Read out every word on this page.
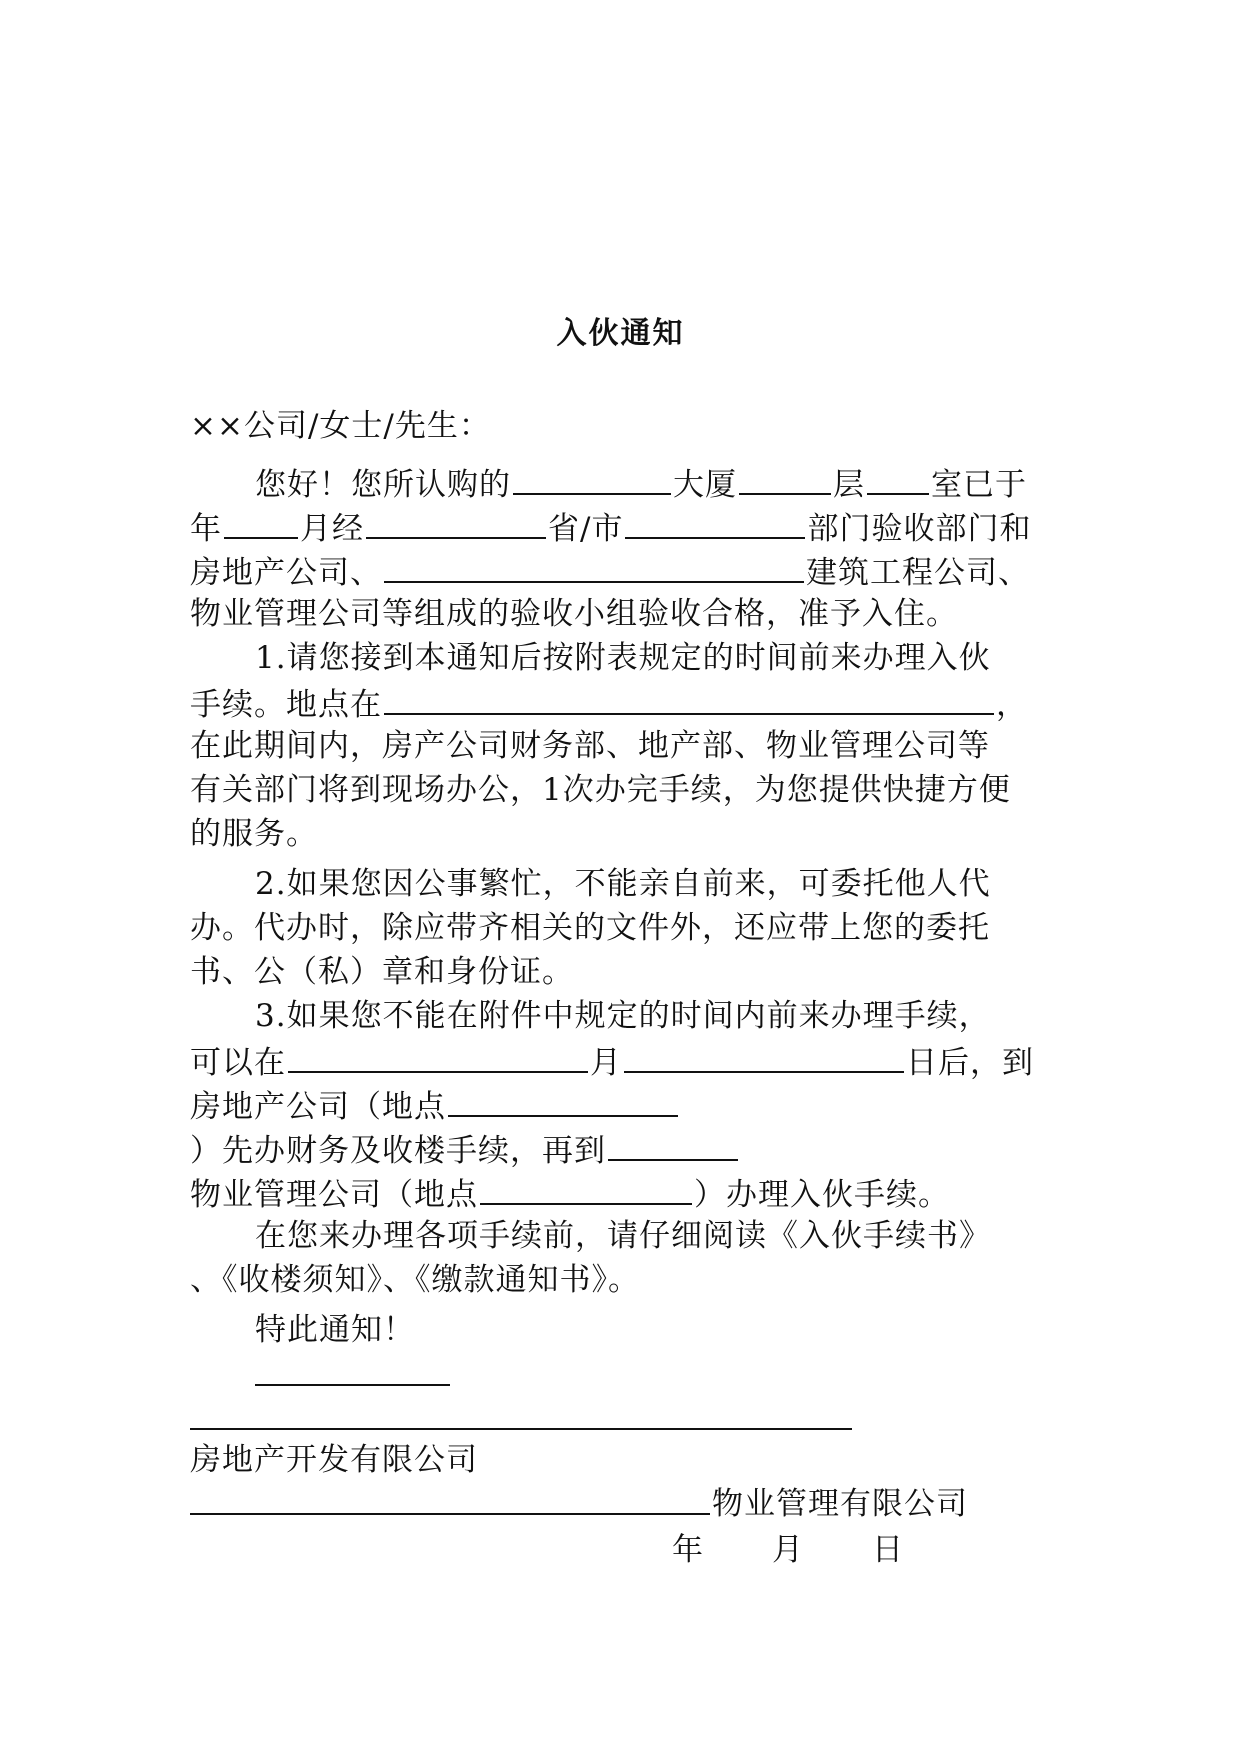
入伙通知
××公司/女士/先生：
您好！您所认购的	大厦	层 室已于
年	月经	省/市	部门验收部门和
房地产公司、	建筑工程公司、
物业管理公司等组成的验收小组验收合格，准予入住。
1.请您接到本通知后按附表规定的时间前来办理入伙
手续。地点在	，
在此期间内，房产公司财务部、地产部、物业管理公司等
有关部门将到现场办公，1次办完手续，为您提供快捷方便
的服务。
2.如果您因公事繁忙，不能亲自前来，可委托他人代
办。代办时，除应带齐相关的文件外，还应带上您的委托
书、公（私）章和身份证。
3.如果您不能在附件中规定的时间内前来办理手续，
可以在	月	日后，到
房地产公司（地点
）先办财务及收楼手续，再到
物业管理公司（地点	）办理入伙手续。
在您来办理各项手续前，请仔细阅读《入伙手续书》
、《收楼须知》、《缴款通知书》。
特此通知！
房地产开发有限公司
物业管理有限公司
年 月 日
